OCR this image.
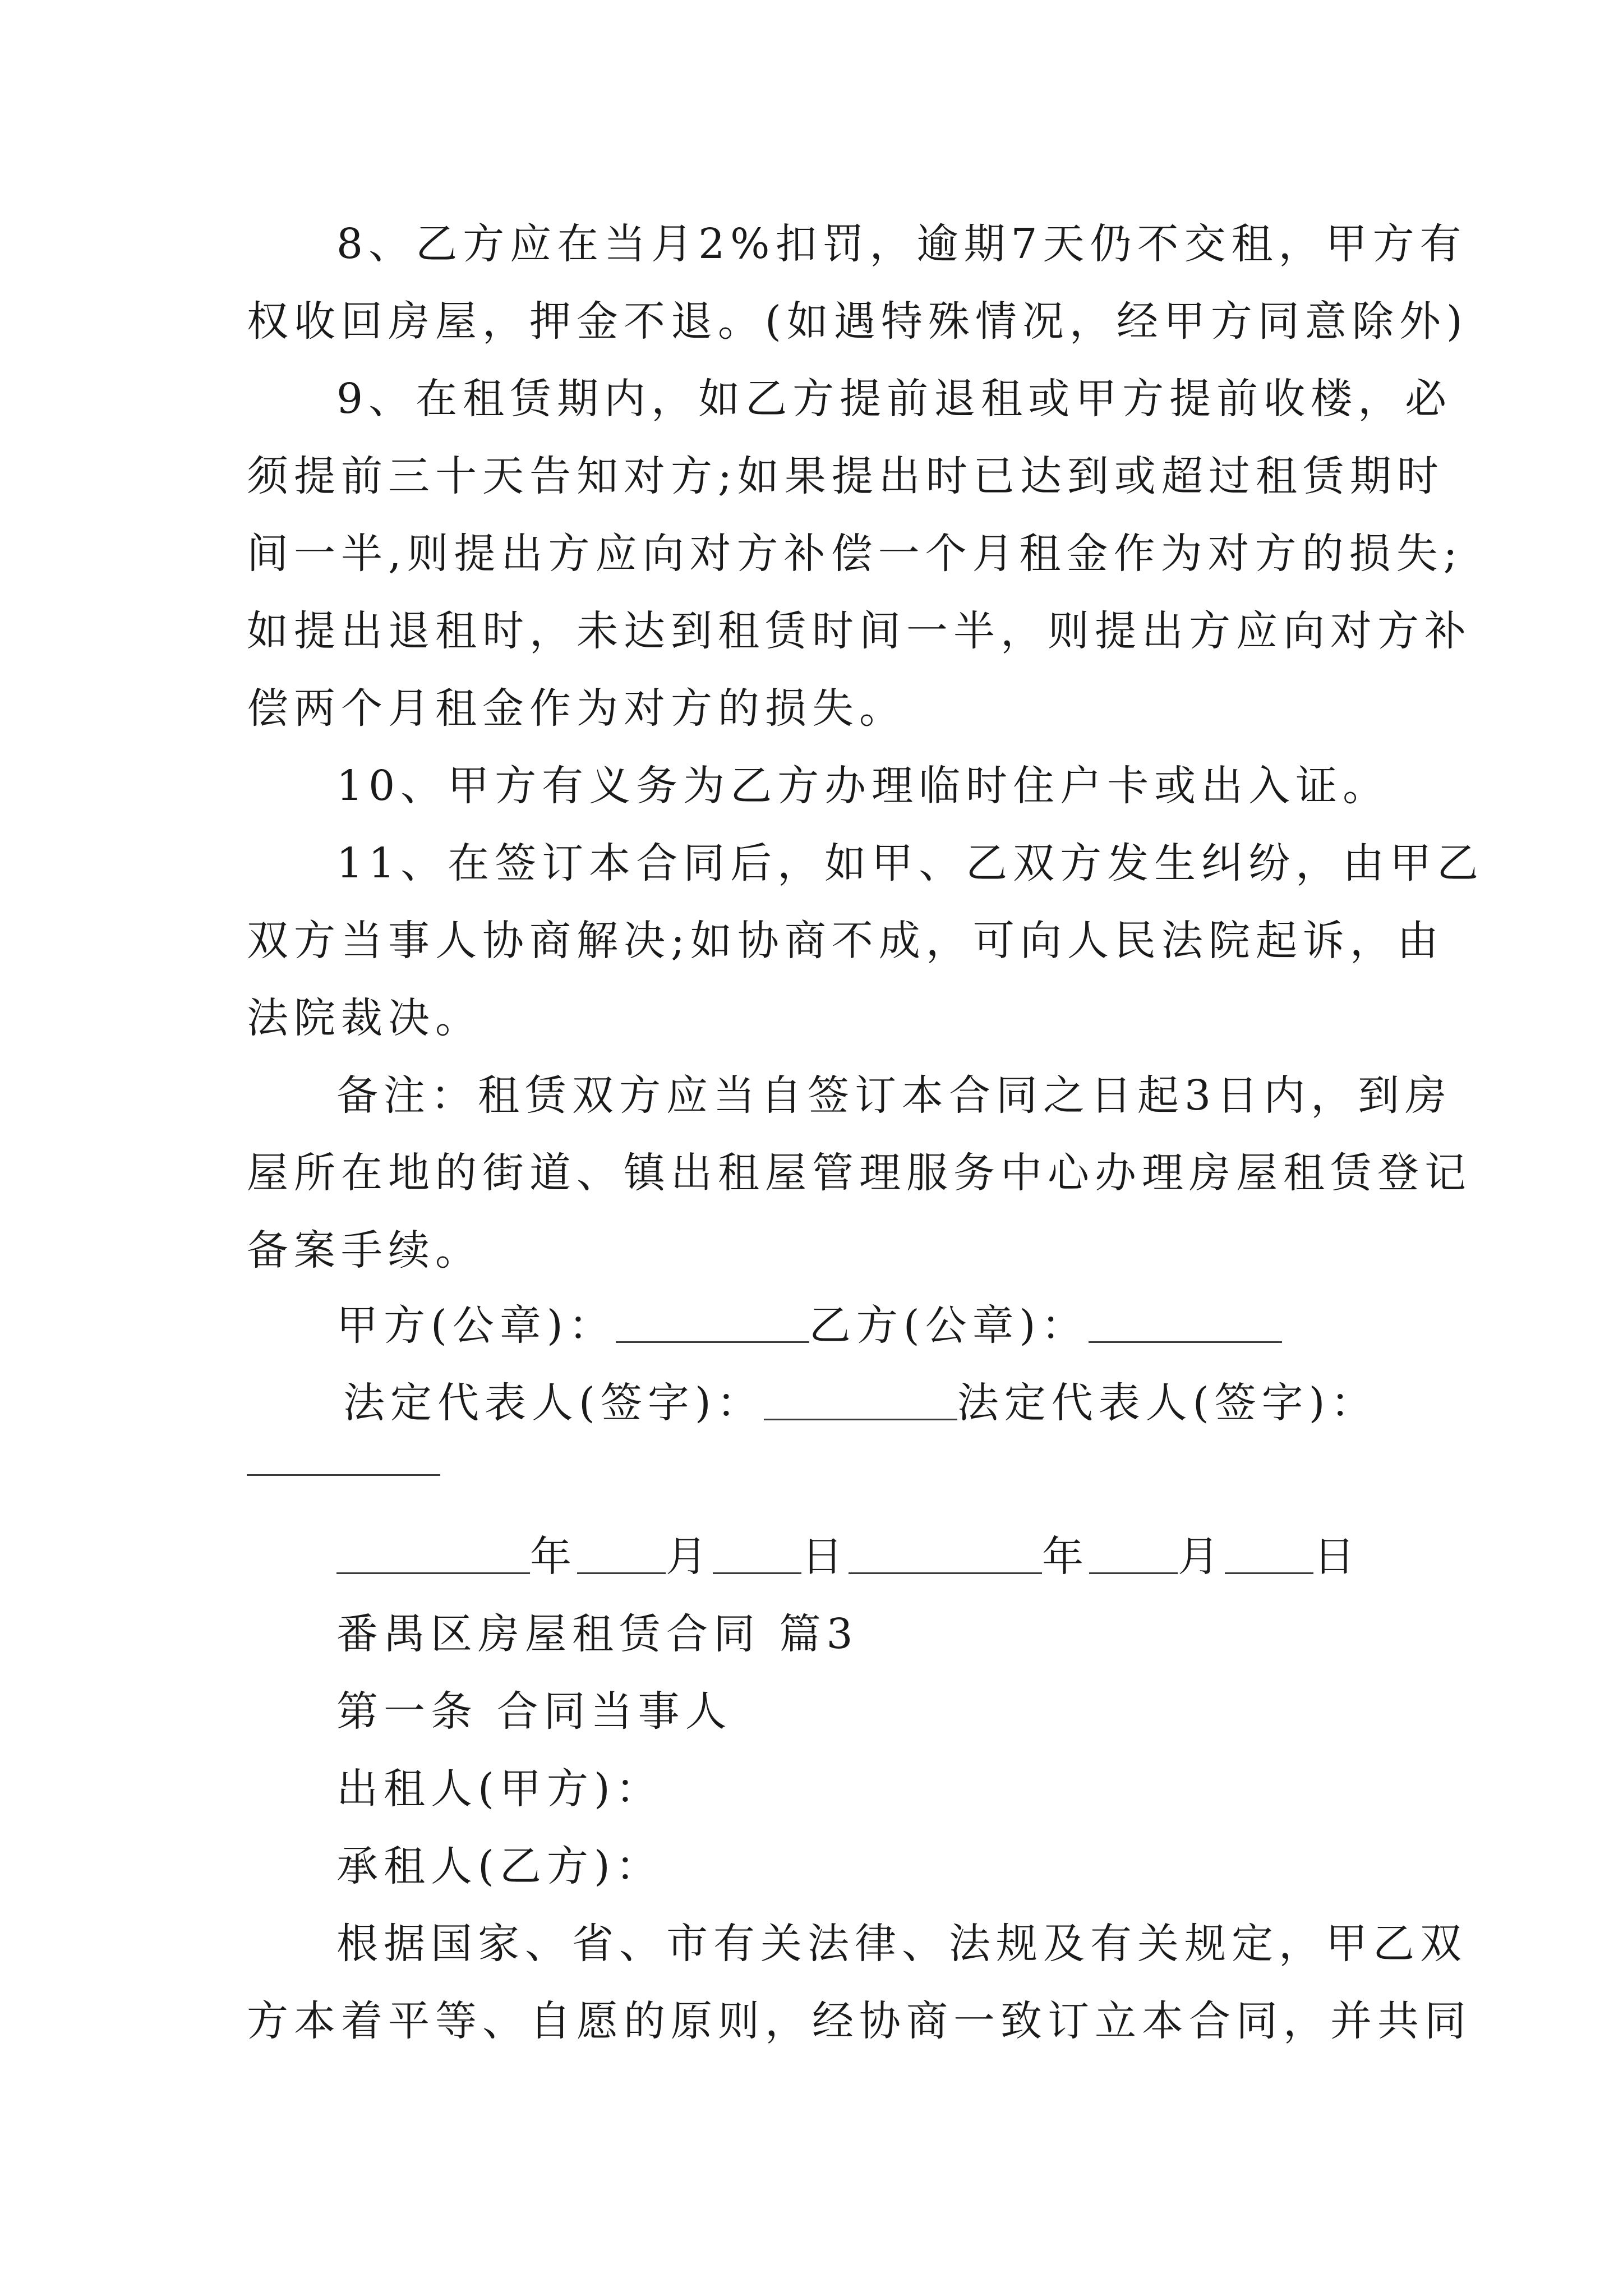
8、乙方应在当月2%扣罚，逾期7天仍不交租，甲方有
权收回房屋，押金不退。(如遇特殊情况，经甲方同意除外)
9、在租赁期内，如乙方提前退租或甲方提前收楼，必
须提前三十天告知对方;如果提出时已达到或超过租赁期时
间一半,则提出方应向对方补偿一个月租金作为对方的损失;
如提出退租时，未达到租赁时间一半，则提出方应向对方补
偿两个月租金作为对方的损失。
10、甲方有义务为乙方办理临时住户卡或出入证。
11、在签订本合同后，如甲、乙双方发生纠纷，由甲乙
双方当事人协商解决;如协商不成，可向人民法院起诉，由
法院裁决。
备注：租赁双方应当自签订本合同之日起3日内，到房
屋所在地的街道、镇出租屋管理服务中心办理房屋租赁登记
备案手续。
甲方(公章)：	乙方(公章)：
法定代表人(签字)：	法定代表人(签字)：
年 月 日	年 月 日
番禺区房屋租赁合同 篇3
第一条 合同当事人
出租人(甲方)：
承租人(乙方)：
根据国家、省、市有关法律、法规及有关规定，甲乙双
方本着平等、自愿的原则，经协商一致订立本合同，并共同
